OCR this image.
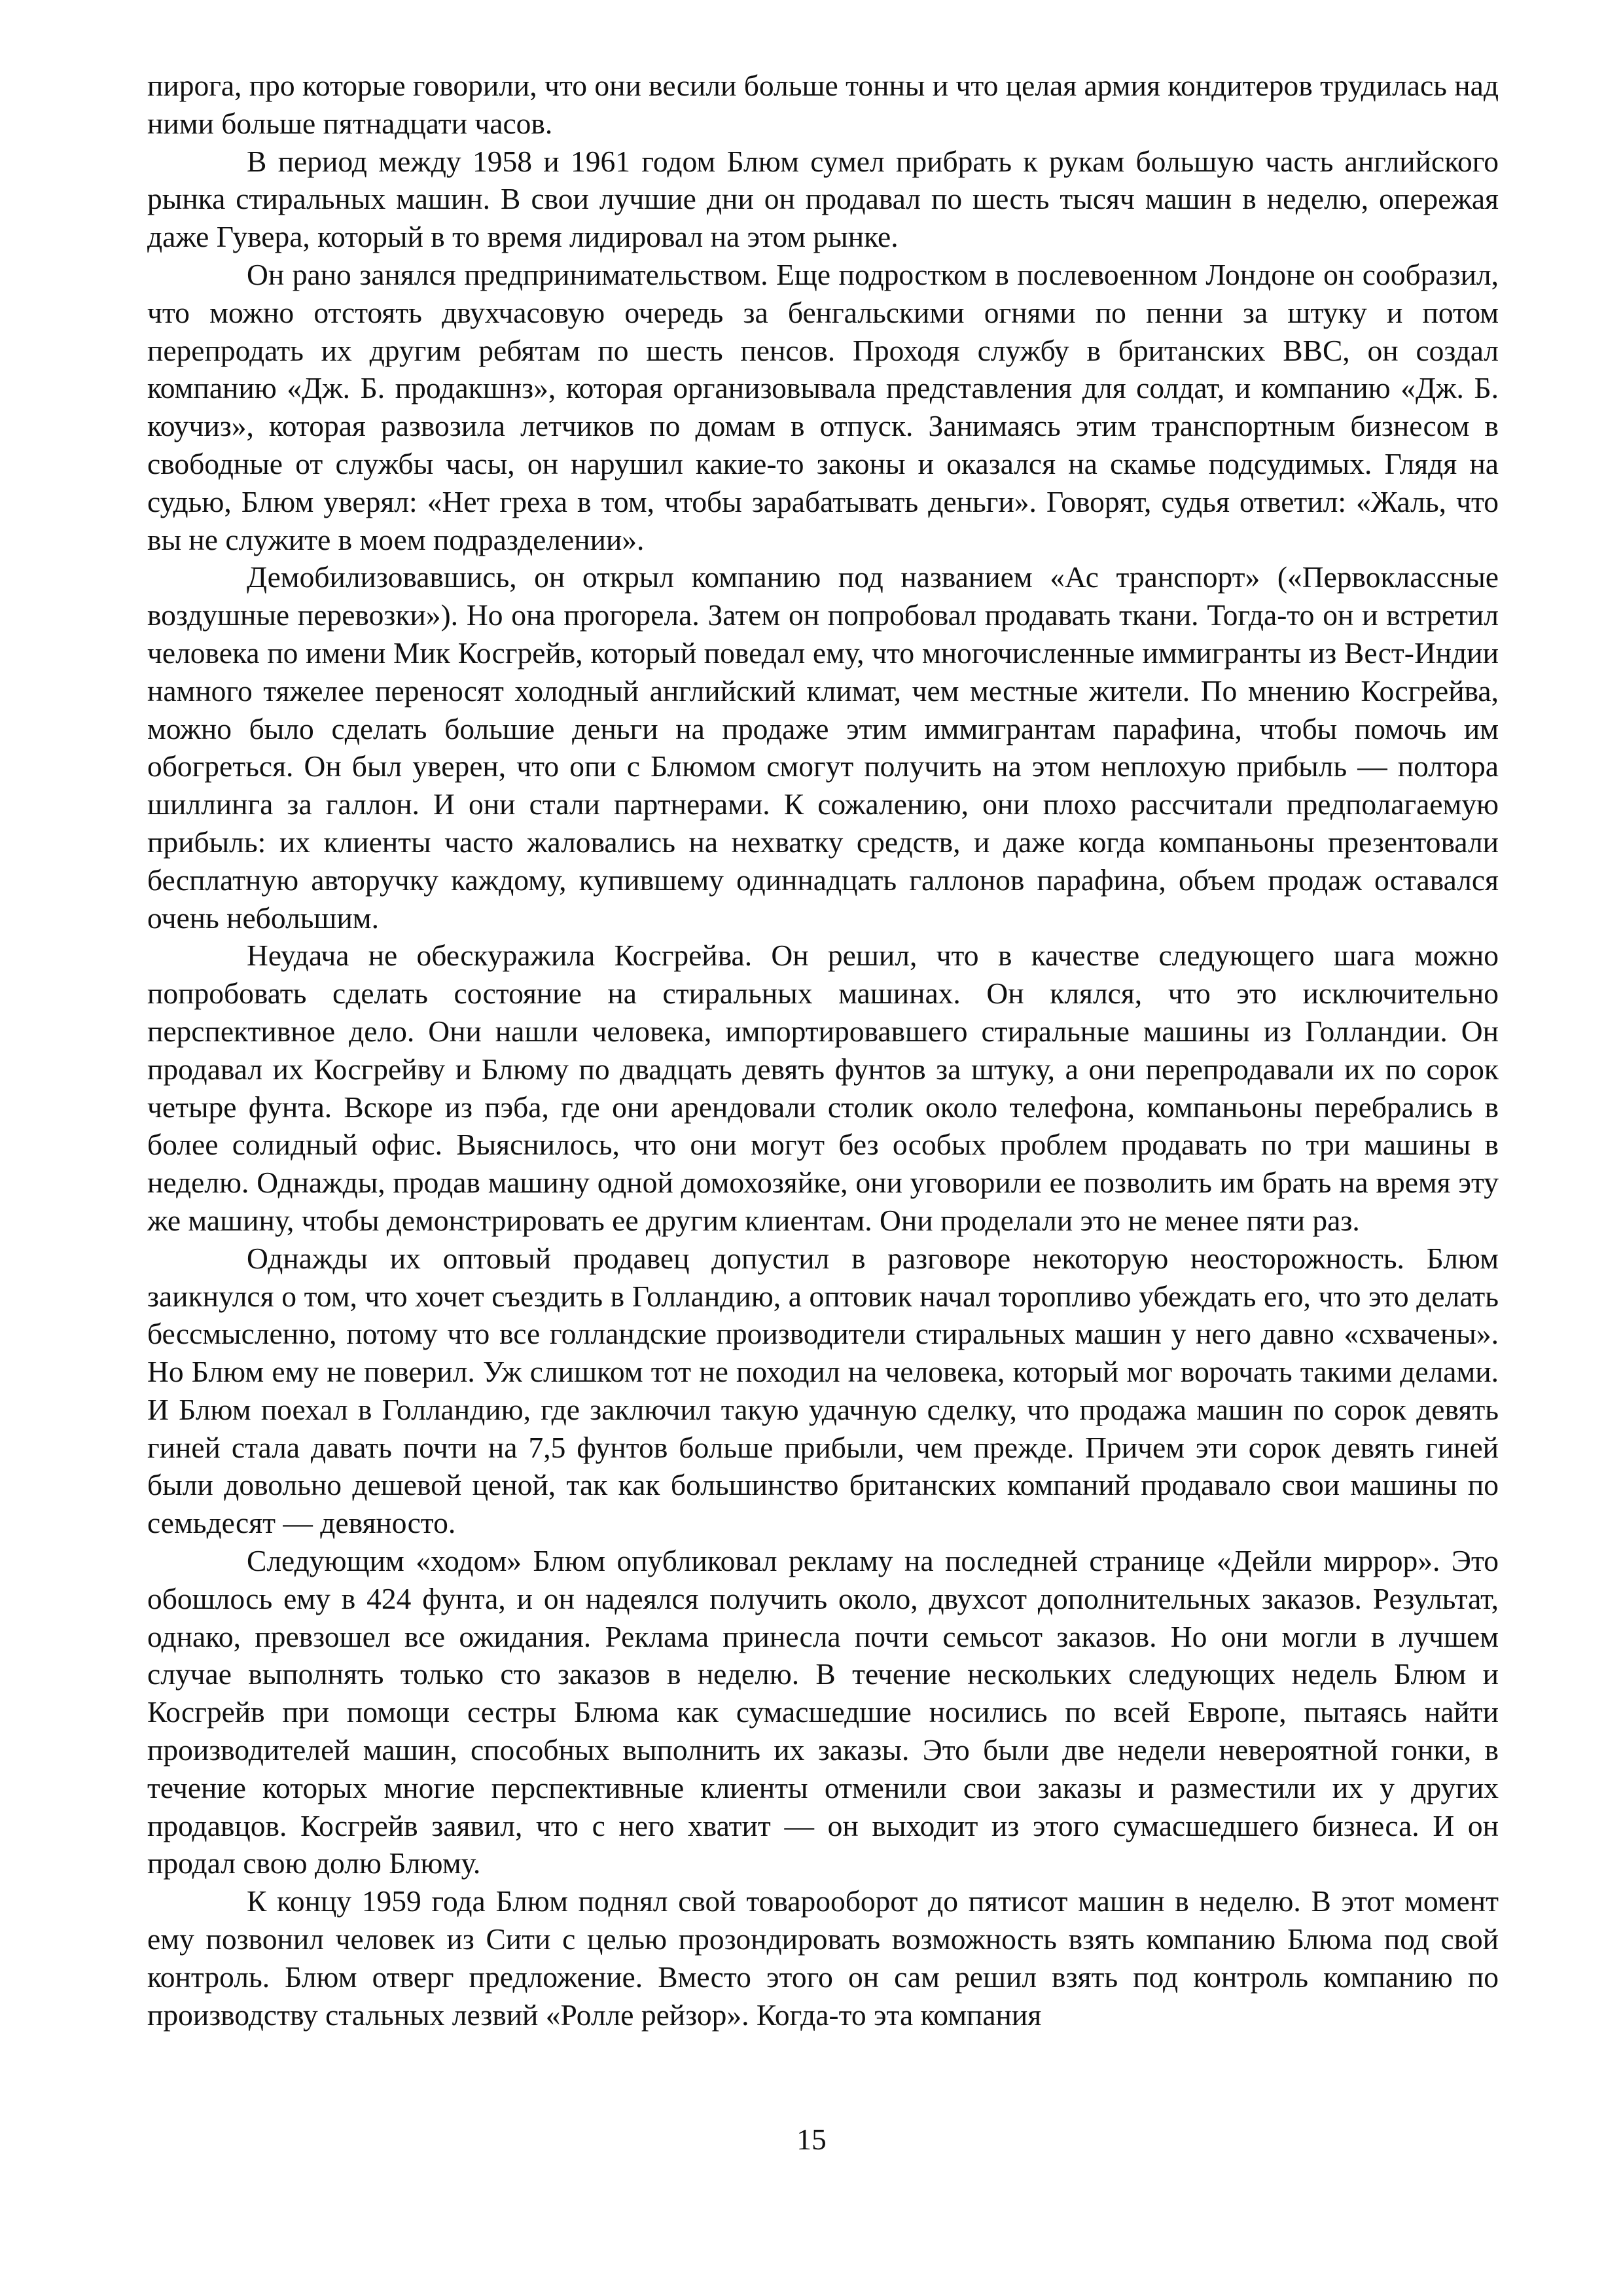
пирога, про которые говорили, что они весили больше тонны и что целая армия кондитеров трудилась над ними больше пятнадцати часов.

В период между 1958 и 1961 годом Блюм сумел прибрать к рукам большую часть английского рынка стиральных машин. В свои лучшие дни он продавал по шесть тысяч машин в неделю, опережая даже Гувера, который в то время лидировал на этом рынке.

Он рано занялся предпринимательством. Еще подростком в послевоенном Лондоне он сообразил, что можно отстоять двухчасовую очередь за бенгальскими огнями по пенни за штуку и потом перепродать их другим ребятам по шесть пенсов. Проходя службу в британских ВВС, он создал компанию «Дж. Б. продакшнз», которая организовывала представления для солдат, и компанию «Дж. Б. коучиз», которая развозила летчиков по домам в отпуск. Занимаясь этим транспортным бизнесом в свободные от службы часы, он нарушил какие-то законы и оказался на скамье подсудимых. Глядя на судью, Блюм уверял: «Нет греха в том, чтобы зарабатывать деньги». Говорят, судья ответил: «Жаль, что вы не служите в моем подразделении».

Демобилизовавшись, он открыл компанию под названием «Ас транспорт» («Первоклассные воздушные перевозки»). Но она прогорела. Затем он попробовал продавать ткани. Тогда-то он и встретил человека по имени Мик Косгрейв, который поведал ему, что многочисленные иммигранты из Вест-Индии намного тяжелее переносят холодный английский климат, чем местные жители. По мнению Косгрейва, можно было сделать большие деньги на продаже этим иммигрантам парафина, чтобы помочь им обогреться. Он был уверен, что опи с Блюмом смогут получить на этом неплохую прибыль — полтора шиллинга за галлон. И они стали партнерами. К сожалению, они плохо рассчитали предполагаемую прибыль: их клиенты часто жаловались на нехватку средств, и даже когда компаньоны презентовали бесплатную авторучку каждому, купившему одиннадцать галлонов парафина, объем продаж оставался очень небольшим.

Неудача не обескуражила Косгрейва. Он решил, что в качестве следующего шага можно попробовать сделать состояние на стиральных машинах. Он клялся, что это исключительно перспективное дело. Они нашли человека, импортировавшего стиральные машины из Голландии. Он продавал их Косгрейву и Блюму по двадцать девять фунтов за штуку, а они перепродавали их по сорок четыре фунта. Вскоре из пэба, где они арендовали столик около телефона, компаньоны перебрались в более солидный офис. Выяснилось, что они могут без особых проблем продавать по три машины в неделю. Однажды, продав машину одной домохозяйке, они уговорили ее позволить им брать на время эту же машину, чтобы демонстрировать ее другим клиентам. Они проделали это не менее пяти раз.

Однажды их оптовый продавец допустил в разговоре некоторую неосторожность. Блюм заикнулся о том, что хочет съездить в Голландию, а оптовик начал торопливо убеждать его, что это делать бессмысленно, потому что все голландские производители стиральных машин у него давно «схвачены». Но Блюм ему не поверил. Уж слишком тот не походил на человека, который мог ворочать такими делами. И Блюм поехал в Голландию, где заключил такую удачную сделку, что продажа машин по сорок девять гиней стала давать почти на 7,5 фунтов больше прибыли, чем прежде. Причем эти сорок девять гиней были довольно дешевой ценой, так как большинство британских компаний продавало свои машины по семьдесят — девяносто.

Следующим «ходом» Блюм опубликовал рекламу на последней странице «Дейли миррор». Это обошлось ему в 424 фунта, и он надеялся получить около, двухсот дополнительных заказов. Результат, однако, превзошел все ожидания. Реклама принесла почти семьсот заказов. Но они могли в лучшем случае выполнять только сто заказов в неделю. В течение нескольких следующих недель Блюм и Косгрейв при помощи сестры Блюма как сумасшедшие носились по всей Европе, пытаясь найти производителей машин, способных выполнить их заказы. Это были две недели невероятной гонки, в течение которых многие перспективные клиенты отменили свои заказы и разместили их у других продавцов. Косгрейв заявил, что с него хватит — он выходит из этого сумасшедшего бизнеса. И он продал свою долю Блюму.

К концу 1959 года Блюм поднял свой товарооборот до пятисот машин в неделю. В этот момент ему позвонил человек из Сити с целью прозондировать возможность взять компанию Блюма под свой контроль. Блюм отверг предложение. Вместо этого он сам решил взять под контроль компанию по производству стальных лезвий «Ролле рейзор». Когда-то эта компания

15
